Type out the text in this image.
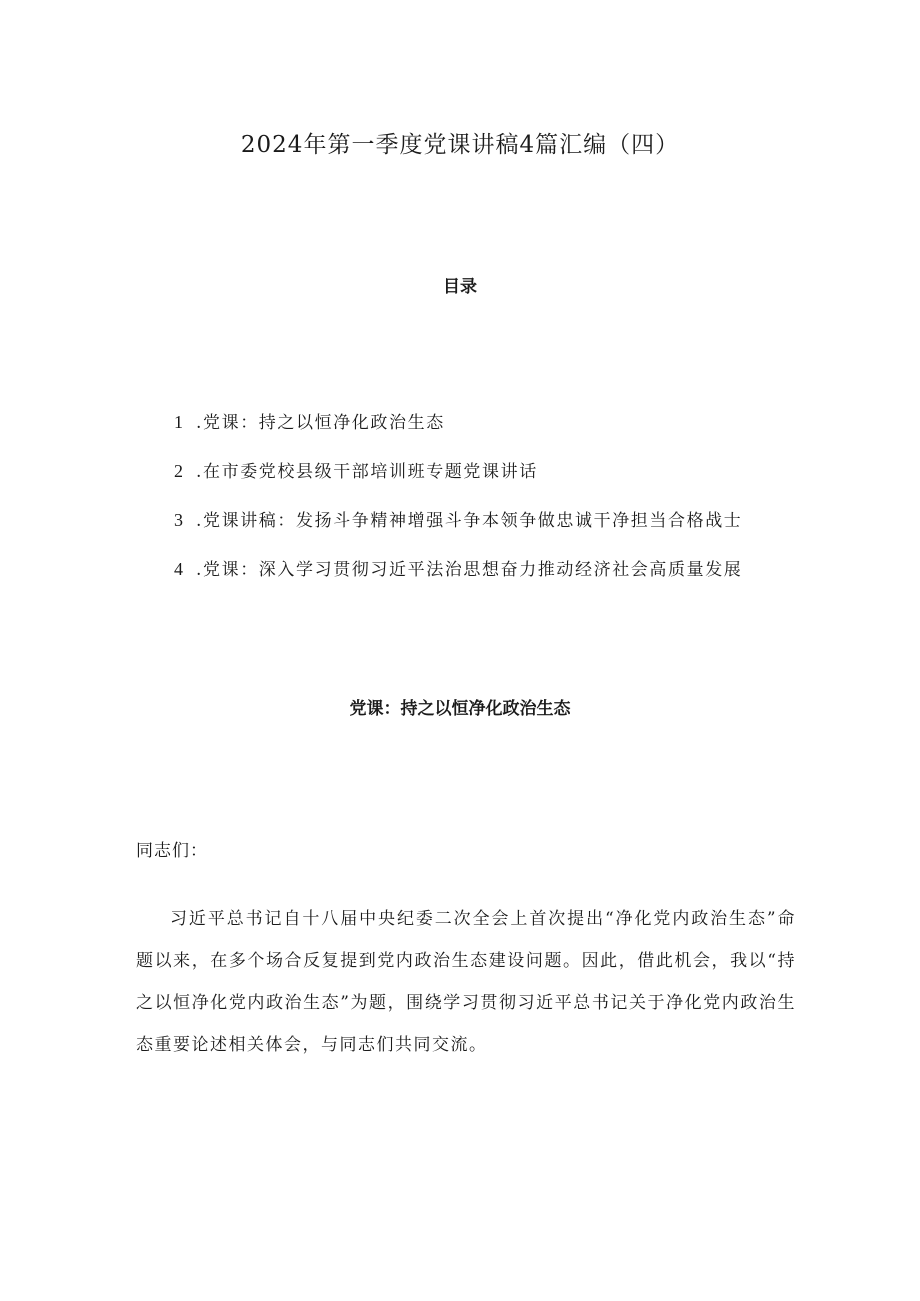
2024年第一季度党课讲稿4篇汇编（四）
目录
1 .党课：持之以恒净化政治生态
2 .在市委党校县级干部培训班专题党课讲话
3 .党课讲稿：发扬斗争精神增强斗争本领争做忠诚干净担当合格战士
4 .党课：深入学习贯彻习近平法治思想奋力推动经济社会高质量发展
党课：持之以恒净化政治生态
同志们：

习近平总书记自十八届中央纪委二次全会上首次提出“净化党内政治生态”命题以来，在多个场合反复提到党内政治生态建设问题。因此，借此机会，我以“持之以恒净化党内政治生态”为题，围绕学习贯彻习近平总书记关于净化党内政治生态重要论述相关体会，与同志们共同交流。
